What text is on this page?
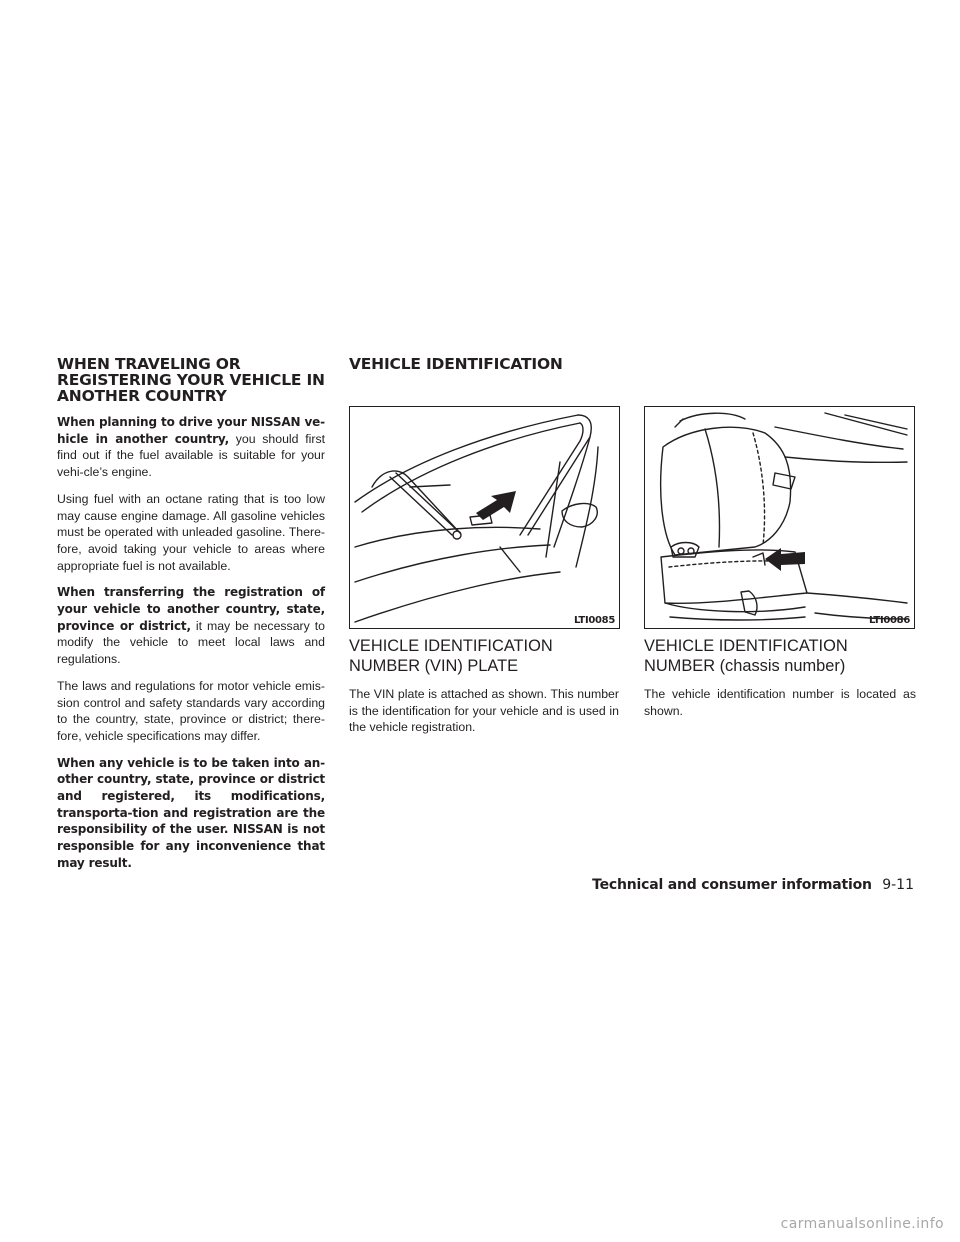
WHEN TRAVELING OR REGISTERING YOUR VEHICLE IN ANOTHER COUNTRY

When planning to drive your NISSAN ve-hicle in another country, you should first find out if the fuel available is suitable for your vehi-cle’s engine.

Using fuel with an octane rating that is too low may cause engine damage. All gasoline vehicles must be operated with unleaded gasoline. There-fore, avoid taking your vehicle to areas where appropriate fuel is not available.

When transferring the registration of your vehicle to another country, state, province or district, it may be necessary to modify the vehicle to meet local laws and regulations.

The laws and regulations for motor vehicle emis-sion control and safety standards vary according to the country, state, province or district; there-fore, vehicle specifications may differ.

When any vehicle is to be taken into an-other country, state, province or district and registered, its modifications, transporta-tion and registration are the responsibility of the user. NISSAN is not responsible for any inconvenience that may result.

VEHICLE IDENTIFICATION
LTI0085	LTI0086
VEHICLE IDENTIFICATION NUMBER (VIN) PLATE

The VIN plate is attached as shown. This number is the identification for your vehicle and is used in the vehicle registration.

VEHICLE IDENTIFICATION NUMBER (chassis number)

The vehicle identification number is located as shown.

Technical and consumer information 9-11
carmanualsonline.info
